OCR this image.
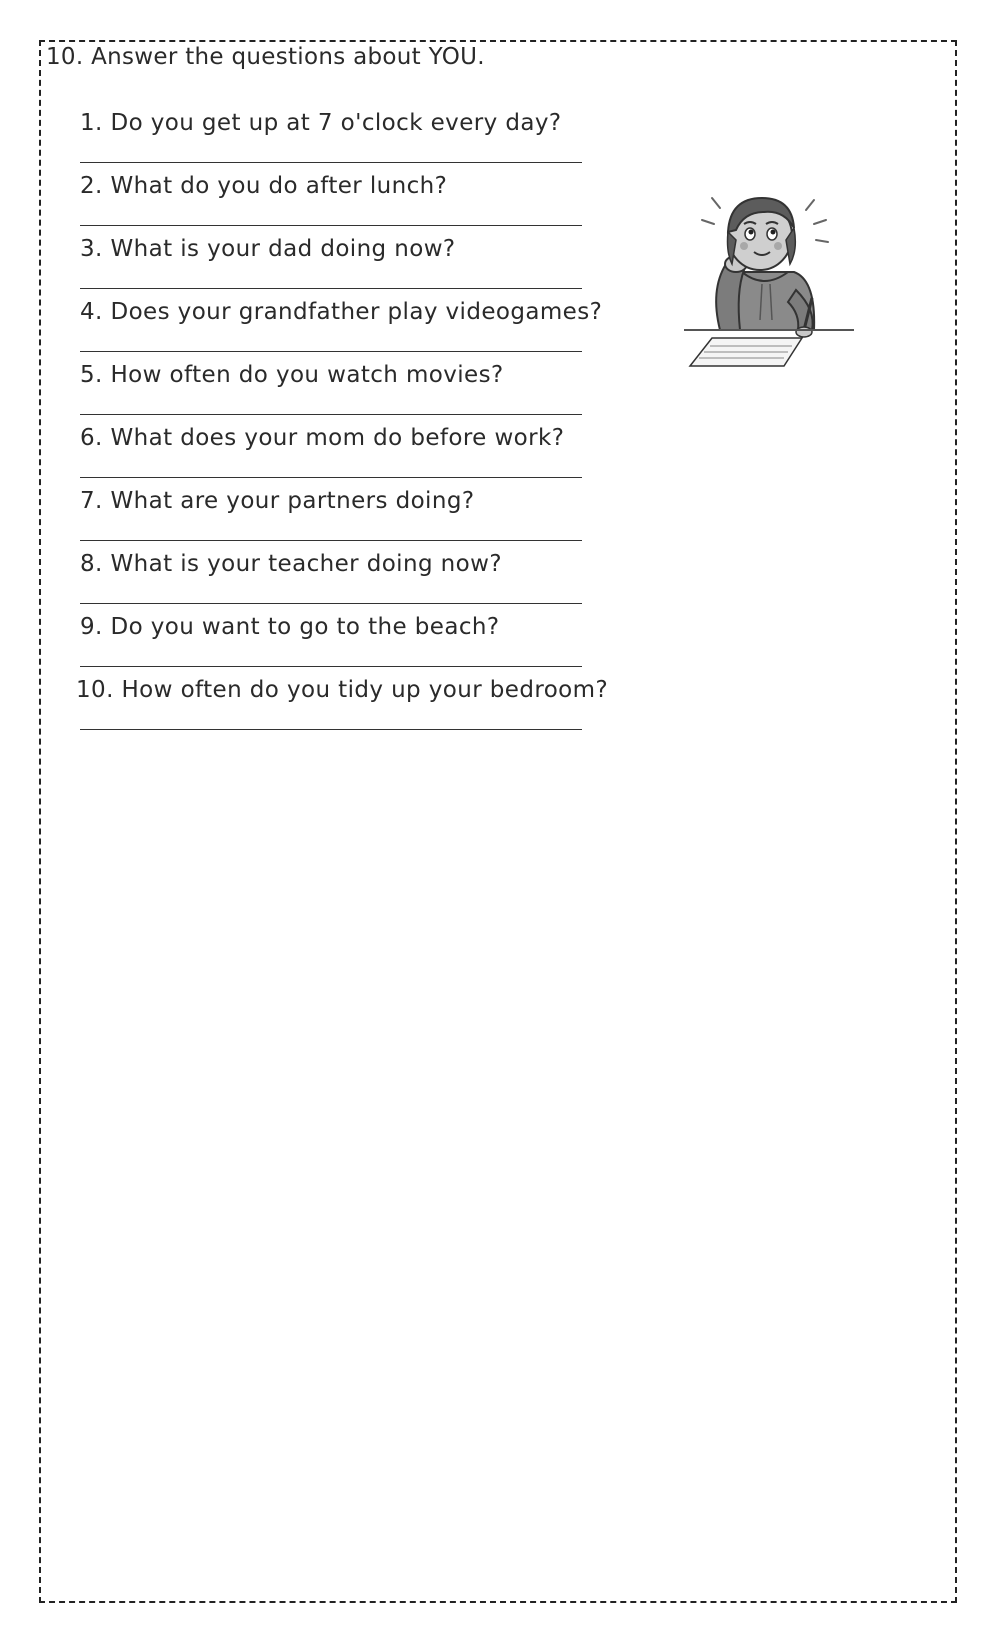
10. Answer the questions about YOU.
1. Do you get up at 7 o'clock every day?
2. What do you do after lunch?
3. What is your dad doing now?
4. Does your grandfather play videogames?
5. How often do you watch movies?
6. What does your mom do before work?
7. What are your partners doing?
8. What is your teacher doing now?
9. Do you want to go to the beach?
10. How often do you tidy up your bedroom?
